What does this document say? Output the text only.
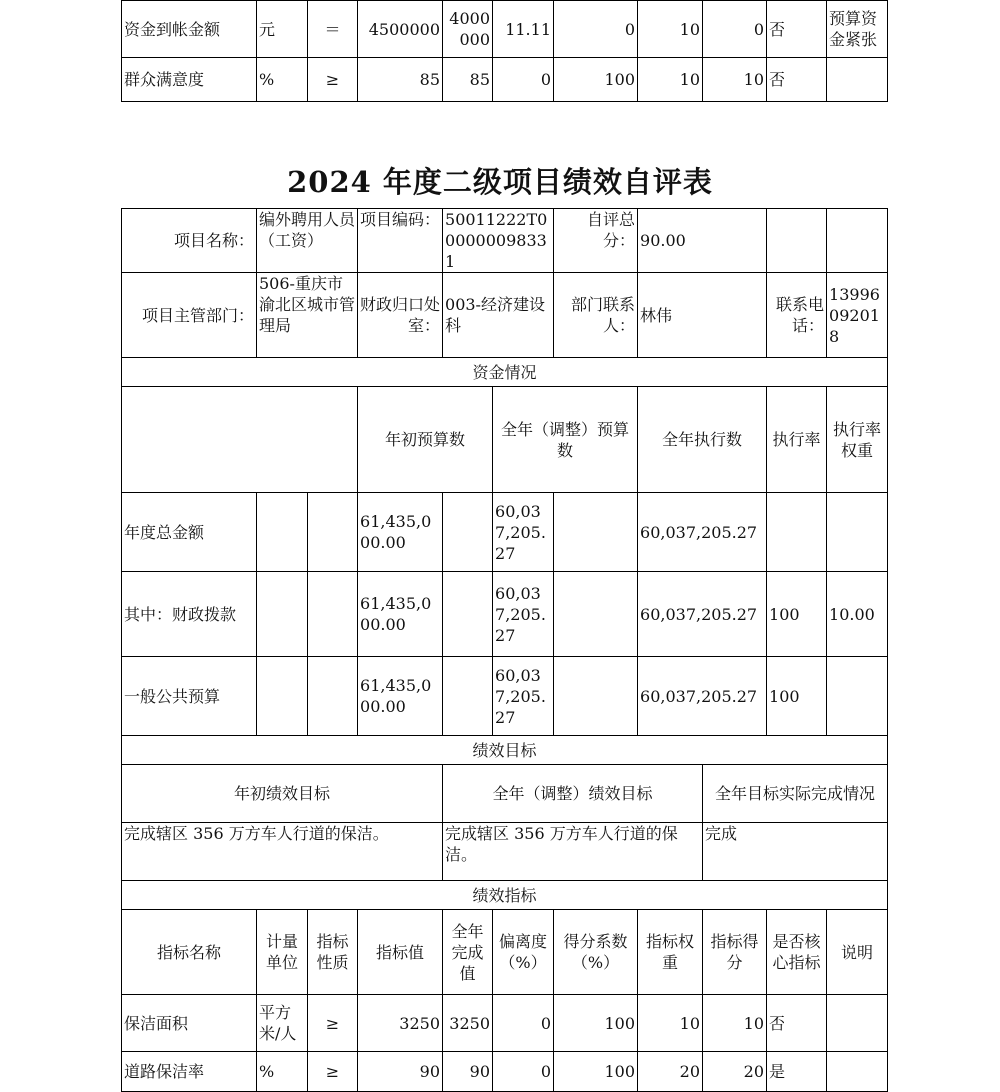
资金到帐金额	元	＝	4500000	4000000	11.11	0	10	0	否	预算资金紧张
群众满意度	%	≥	85	85	0	100	10	10	否	
2024 年度二级项目绩效自评表
项目名称：	编外聘用人员（工资）		项目编码：	50011222T000000098331		自评总分：	90.00				
项目主管部门：	506-重庆市渝北区城市管理局		财政归口处室：	003-经济建设科		部门联系人：	林伟		联系电话：	13996092018	
资金情况											
			年初预算数		全年（调整）预算数		全年执行数		执行率	执行率权重	
年度总金额			61,435,000.00		60,037,205.27		60,037,205.27				
其中：财政拨款			61,435,000.00		60,037,205.27		60,037,205.27		100	10.00	
一般公共预算			61,435,000.00		60,037,205.27		60,037,205.27		100		
绩效目标											
年初绩效目标				全年（调整）绩效目标				全年目标实际完成情况			
完成辖区 356 万方车人行道的保洁。				完成辖区 356 万方车人行道的保洁。				完成			
绩效指标											
指标名称	计量单位	指标性质	指标值	全年完成值	偏离度（%）	得分系数（%）	指标权重	指标得分	是否核心指标	说明	
保洁面积	平方米/人	≥	3250	3250	0	100	10	10	否		
道路保洁率	%	≥	90	90	0	100	20	20	是		
